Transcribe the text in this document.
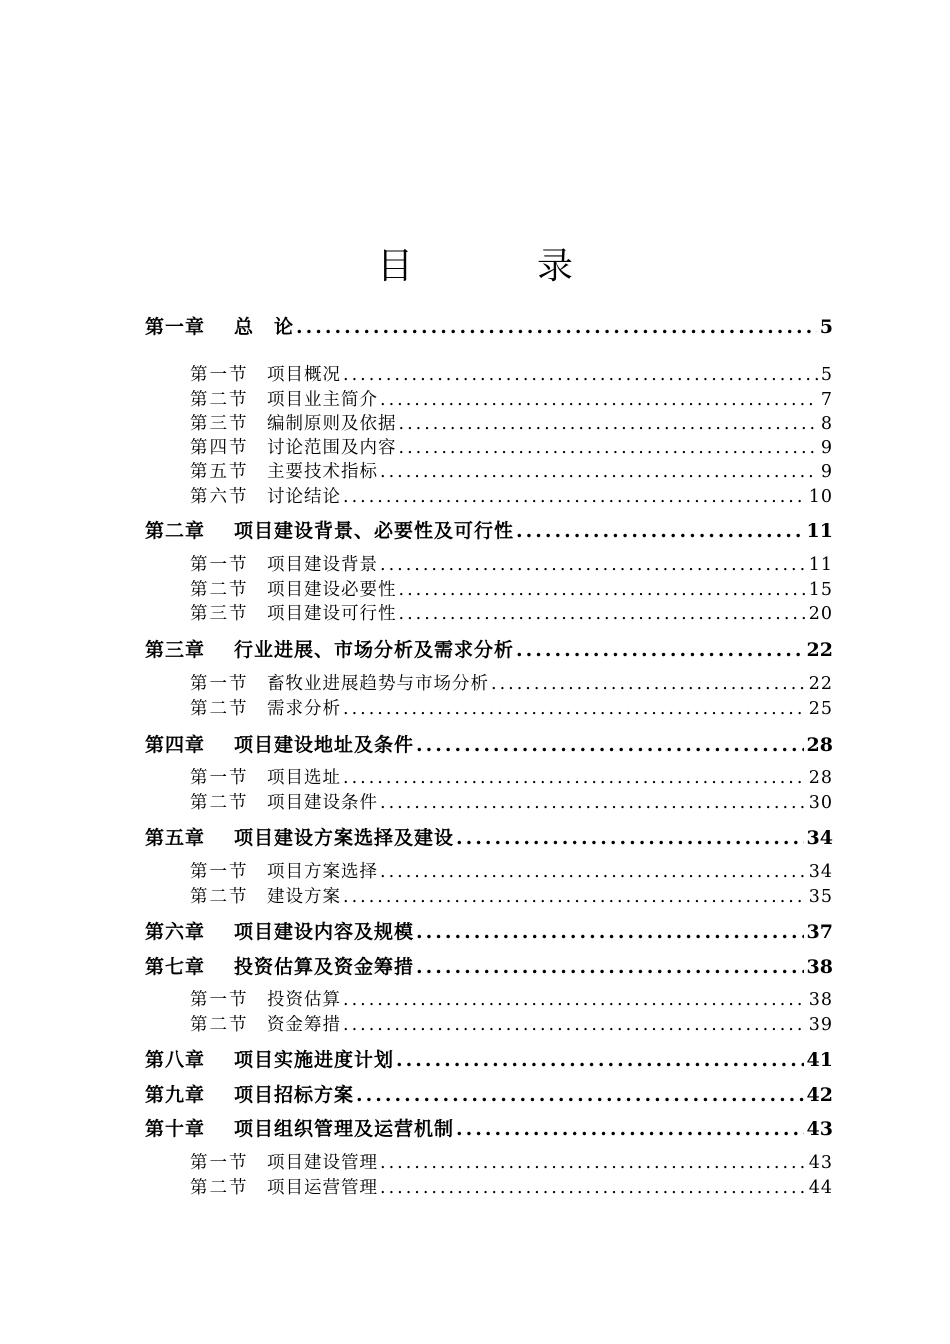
目　录
第一章	总　论 .....	5
第一节	项目概况 .....	5
第二节	项目业主简介 .....	7
第三节	编制原则及依据 .....	8
第四节	讨论范围及内容 .....	9
第五节	主要技术指标 .....	9
第六节	讨论结论 .....	10
第二章	项目建设背景、必要性及可行性 .....	11
第一节	项目建设背景 .....	11
第二节	项目建设必要性 .....	15
第三节	项目建设可行性 .....	20
第三章	行业进展、市场分析及需求分析 .....	22
第一节	畜牧业进展趋势与市场分析 .....	22
第二节	需求分析 .....	25
第四章	项目建设地址及条件 .....	28
第一节	项目选址 .....	28
第二节	项目建设条件 .....	30
第五章	项目建设方案选择及建设 .....	34
第一节	项目方案选择 .....	34
第二节	建设方案 .....	35
第六章	项目建设内容及规模 .....	37
第七章	投资估算及资金筹措 .....	38
第一节	投资估算 .....	38
第二节	资金筹措 .....	39
第八章	项目实施进度计划 .....	41
第九章	项目招标方案 .....	42
第十章	项目组织管理及运营机制 .....	43
第一节	项目建设管理 .....	43
第二节	项目运营管理 .....	44
